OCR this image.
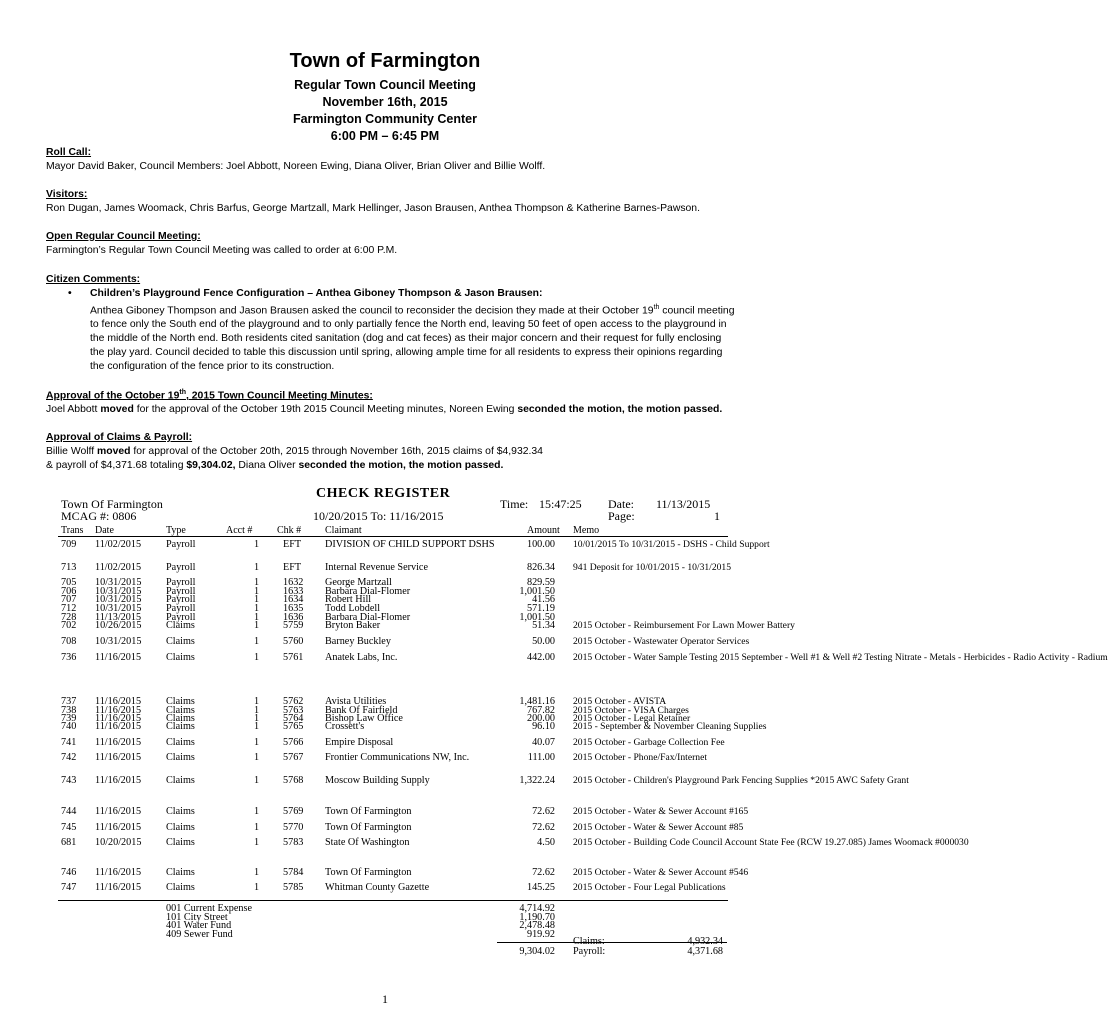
Town of Farmington
Regular Town Council Meeting
November 16th, 2015
Farmington Community Center
6:00 PM – 6:45 PM
Roll Call:
Mayor David Baker, Council Members: Joel Abbott, Noreen Ewing, Diana Oliver, Brian Oliver and Billie Wolff.
Visitors:
Ron Dugan, James Woomack, Chris Barfus, George Martzall, Mark Hellinger, Jason Brausen, Anthea Thompson & Katherine Barnes-Pawson.
Open Regular Council Meeting:
Farmington’s Regular Town Council Meeting was called to order at 6:00 P.M.
Citizen Comments:
• Children’s Playground Fence Configuration – Anthea Giboney Thompson & Jason Brausen:
Anthea Giboney Thompson and Jason Brausen asked the council to reconsider the decision they made at their October 19th council meeting to fence only the South end of the playground and to only partially fence the North end, leaving 50 feet of open access to the playground in the middle of the North end. Both residents cited sanitation (dog and cat feces) as their major concern and their request for fully enclosing the play yard. Council decided to table this discussion until spring, allowing ample time for all residents to express their opinions regarding the configuration of the fence prior to its construction.
Approval of the October 19th, 2015 Town Council Meeting Minutes:
Joel Abbott moved for the approval of the October 19th 2015 Council Meeting minutes, Noreen Ewing seconded the motion, the motion passed.
Approval of Claims & Payroll:
Billie Wolff moved for approval of the October 20th, 2015 through November 16th, 2015 claims of $4,932.34
& payroll of $4,371.68 totaling $9,304.02, Diana Oliver seconded the motion, the motion passed.
CHECK REGISTER
Town Of Farmington
MCAG #: 0806
Time: 15:47:25 Date: 11/13/2015
10/20/2015 To: 11/16/2015	Page:	1
Trans Date	Type	Acct # Chk # Claimant	Amount Memo
709 11/02/2015 Payroll	1 EFT DIVISION OF CHILD SUPPORT DSHS	100.00 10/01/2015 To 10/31/2015 - DSHS - Child Support
713 11/02/2015 Payroll	1 EFT Internal Revenue Service	826.34 941 Deposit for 10/01/2015 - 10/31/2015
705 10/31/2015 Payroll	1 1632 George Martzall	829.59
706 10/31/2015 Payroll	1 1633 Barbara Dial-Flomer	1,001.50
707 10/31/2015 Payroll	1 1634 Robert Hill	41.56
712 10/31/2015 Payroll	1 1635 Todd Lobdell	571.19
728 11/13/2015 Payroll	1 1636 Barbara Dial-Flomer	1,001.50
702 10/26/2015 Claims	1 5759 Bryton Baker	51.34 2015 October - Reimbursement For Lawn Mower Battery
708 10/31/2015 Claims	1 5760 Barney Buckley	50.00 2015 October - Wastewater Operator Services
736 11/16/2015 Claims	1 5761 Anatek Labs, Inc.	442.00 2015 October - Water Sample Testing 2015 September - Well #1 & Well #2 Testing Nitrate - Metals - Herbicides - Radio Activity - Radium
737 11/16/2015 Claims	1 5762 Avista Utilities	1,481.16 2015 October - AVISTA
738 11/16/2015 Claims	1 5763 Bank Of Fairfield	767.82 2015 October - VISA Charges
739 11/16/2015 Claims	1 5764 Bishop Law Office	200.00 2015 October - Legal Retainer
740 11/16/2015 Claims	1 5765 Crossett's	96.10 2015 - September & November Cleaning Supplies
741 11/16/2015 Claims	1 5766 Empire Disposal	40.07 2015 October - Garbage Collection Fee
742 11/16/2015 Claims	1 5767 Frontier Communications NW, Inc.	111.00 2015 October - Phone/Fax/Internet
743 11/16/2015 Claims	1 5768 Moscow Building Supply	1,322.24 2015 October - Children's Playground Park Fencing Supplies *2015 AWC Safety Grant
744 11/16/2015 Claims	1 5769 Town Of Farmington	72.62 2015 October - Water & Sewer Account #165
745 11/16/2015 Claims	1 5770 Town Of Farmington	72.62 2015 October - Water & Sewer Account #85
681 10/20/2015 Claims	1 5783 State Of Washington	4.50 2015 October - Building Code Council Account State Fee (RCW 19.27.085) James Woomack #000030
746 11/16/2015 Claims	1 5784 Town Of Farmington	72.62 2015 October - Water & Sewer Account #546
747 11/16/2015 Claims	1 5785 Whitman County Gazette	145.25 2015 October - Four Legal Publications
001 Current Expense	4,714.92
101 City Street	1,190.70
401 Water Fund	2,478.48
409 Sewer Fund	919.92
Claims:	4,932.34
9,304.02 Payroll:	4,371.68
1
